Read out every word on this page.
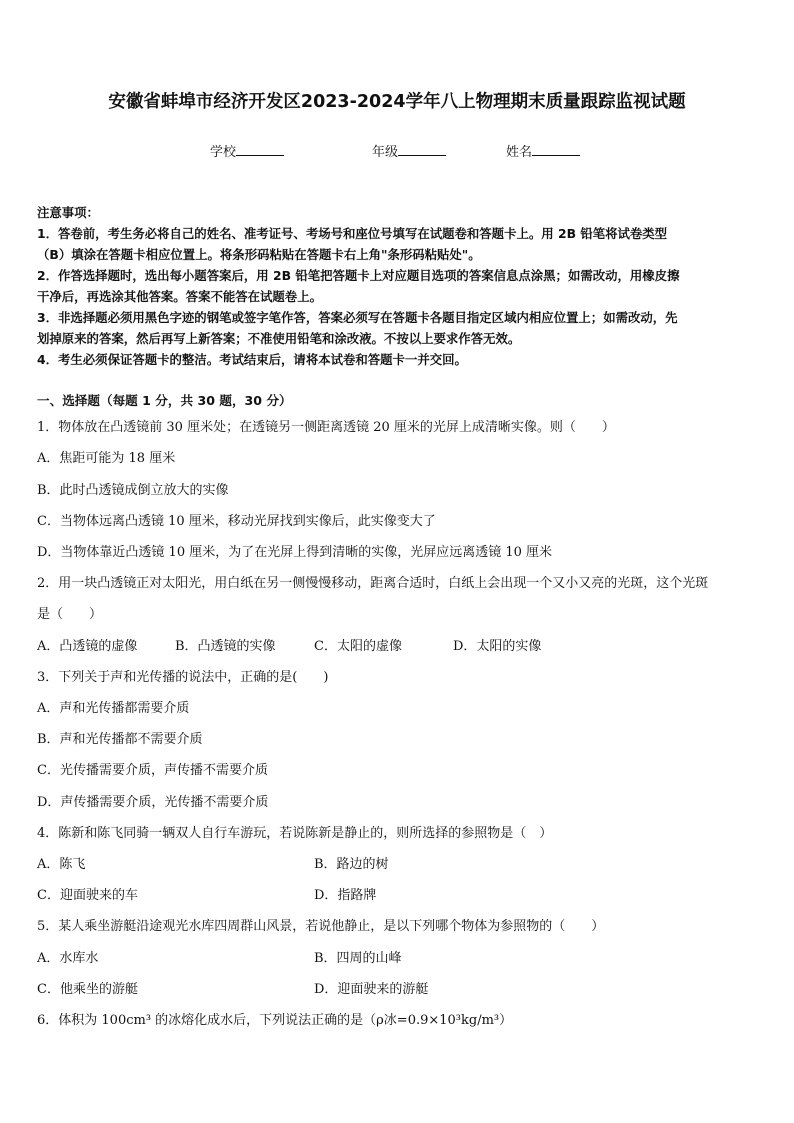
安徽省蚌埠市经济开发区2023-2024学年八上物理期末质量跟踪监视试题
学校	年级	姓名
注意事项：
1．答卷前，考生务必将自己的姓名、准考证号、考场号和座位号填写在试题卷和答题卡上。用 2B 铅笔将试卷类型
（B）填涂在答题卡相应位置上。将条形码粘贴在答题卡右上角"条形码粘贴处"。
2．作答选择题时，选出每小题答案后，用 2B 铅笔把答题卡上对应题目选项的答案信息点涂黑；如需改动，用橡皮擦
干净后，再选涂其他答案。答案不能答在试题卷上。
3．非选择题必须用黑色字迹的钢笔或签字笔作答，答案必须写在答题卡各题目指定区域内相应位置上；如需改动，先
划掉原来的答案，然后再写上新答案；不准使用铅笔和涂改液。不按以上要求作答无效。
4．考生必须保证答题卡的整洁。考试结束后，请将本试卷和答题卡一并交回。
一、选择题（每题 1 分，共 30 题，30 分）
1．物体放在凸透镜前 30 厘米处；在透镜另一侧距离透镜 20 厘米的光屏上成清晰实像。则（　　）
A．焦距可能为 18 厘米
B．此时凸透镜成倒立放大的实像
C．当物体远离凸透镜 10 厘米，移动光屏找到实像后，此实像变大了
D．当物体靠近凸透镜 10 厘米，为了在光屏上得到清晰的实像，光屏应远离透镜 10 厘米
2．用一块凸透镜正对太阳光，用白纸在另一侧慢慢移动，距离合适时，白纸上会出现一个又小又亮的光斑，这个光斑
是（　　）
A．凸透镜的虚像	B．凸透镜的实像	C．太阳的虚像	D．太阳的实像
3．下列关于声和光传播的说法中，正确的是(　　)
A．声和光传播都需要介质
B．声和光传播都不需要介质
C．光传播需要介质，声传播不需要介质
D．声传播需要介质，光传播不需要介质
4．陈新和陈飞同骑一辆双人自行车游玩，若说陈新是静止的，则所选择的参照物是（　）
A．陈飞	B．路边的树
C．迎面驶来的车	D．指路牌
5．某人乘坐游艇沿途观光水库四周群山风景，若说他静止，是以下列哪个物体为参照物的（　　）
A．水库水	B．四周的山峰
C．他乘坐的游艇	D．迎面驶来的游艇
6．体积为 100cm³ 的冰熔化成水后，下列说法正确的是（ρ冰=0.9×10³kg/m³）
